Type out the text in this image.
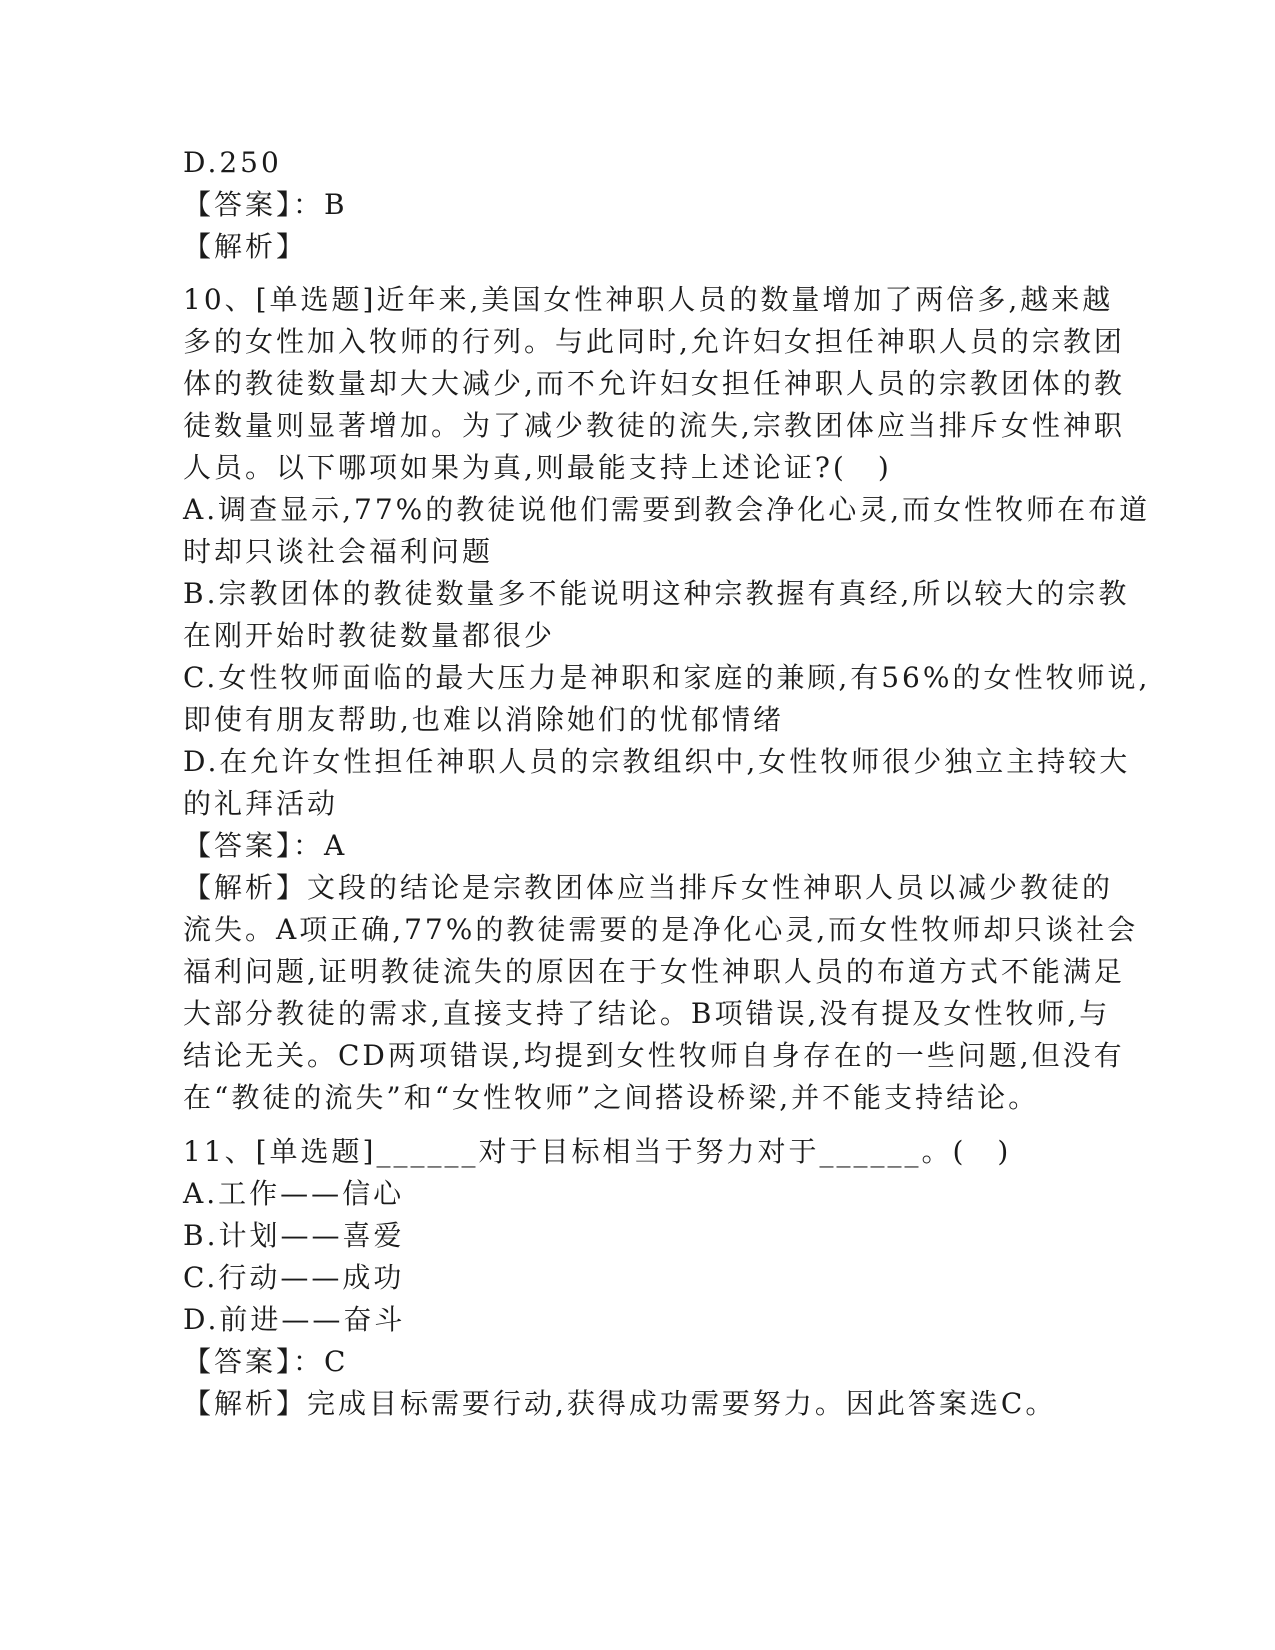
D.250
【答案】：B
【解析】
10、[单选题]近年来,美国女性神职人员的数量增加了两倍多,越来越
多的女性加入牧师的行列。与此同时,允许妇女担任神职人员的宗教团
体的教徒数量却大大减少,而不允许妇女担任神职人员的宗教团体的教
徒数量则显著增加。为了减少教徒的流失,宗教团体应当排斥女性神职
人员。以下哪项如果为真,则最能支持上述论证?(　)
A.调查显示,77%的教徒说他们需要到教会净化心灵,而女性牧师在布道
时却只谈社会福利问题
B.宗教团体的教徒数量多不能说明这种宗教握有真经,所以较大的宗教
在刚开始时教徒数量都很少
C.女性牧师面临的最大压力是神职和家庭的兼顾,有56%的女性牧师说,
即使有朋友帮助,也难以消除她们的忧郁情绪
D.在允许女性担任神职人员的宗教组织中,女性牧师很少独立主持较大
的礼拜活动
【答案】：A
【解析】文段的结论是宗教团体应当排斥女性神职人员以减少教徒的
流失。A项正确,77%的教徒需要的是净化心灵,而女性牧师却只谈社会
福利问题,证明教徒流失的原因在于女性神职人员的布道方式不能满足
大部分教徒的需求,直接支持了结论。B项错误,没有提及女性牧师,与
结论无关。CD两项错误,均提到女性牧师自身存在的一些问题,但没有
在“教徒的流失”和“女性牧师”之间搭设桥梁,并不能支持结论。
11、[单选题]______对于目标相当于努力对于______。(　)
A.工作——信心
B.计划——喜爱
C.行动——成功
D.前进——奋斗
【答案】：C
【解析】完成目标需要行动,获得成功需要努力。因此答案选C。
